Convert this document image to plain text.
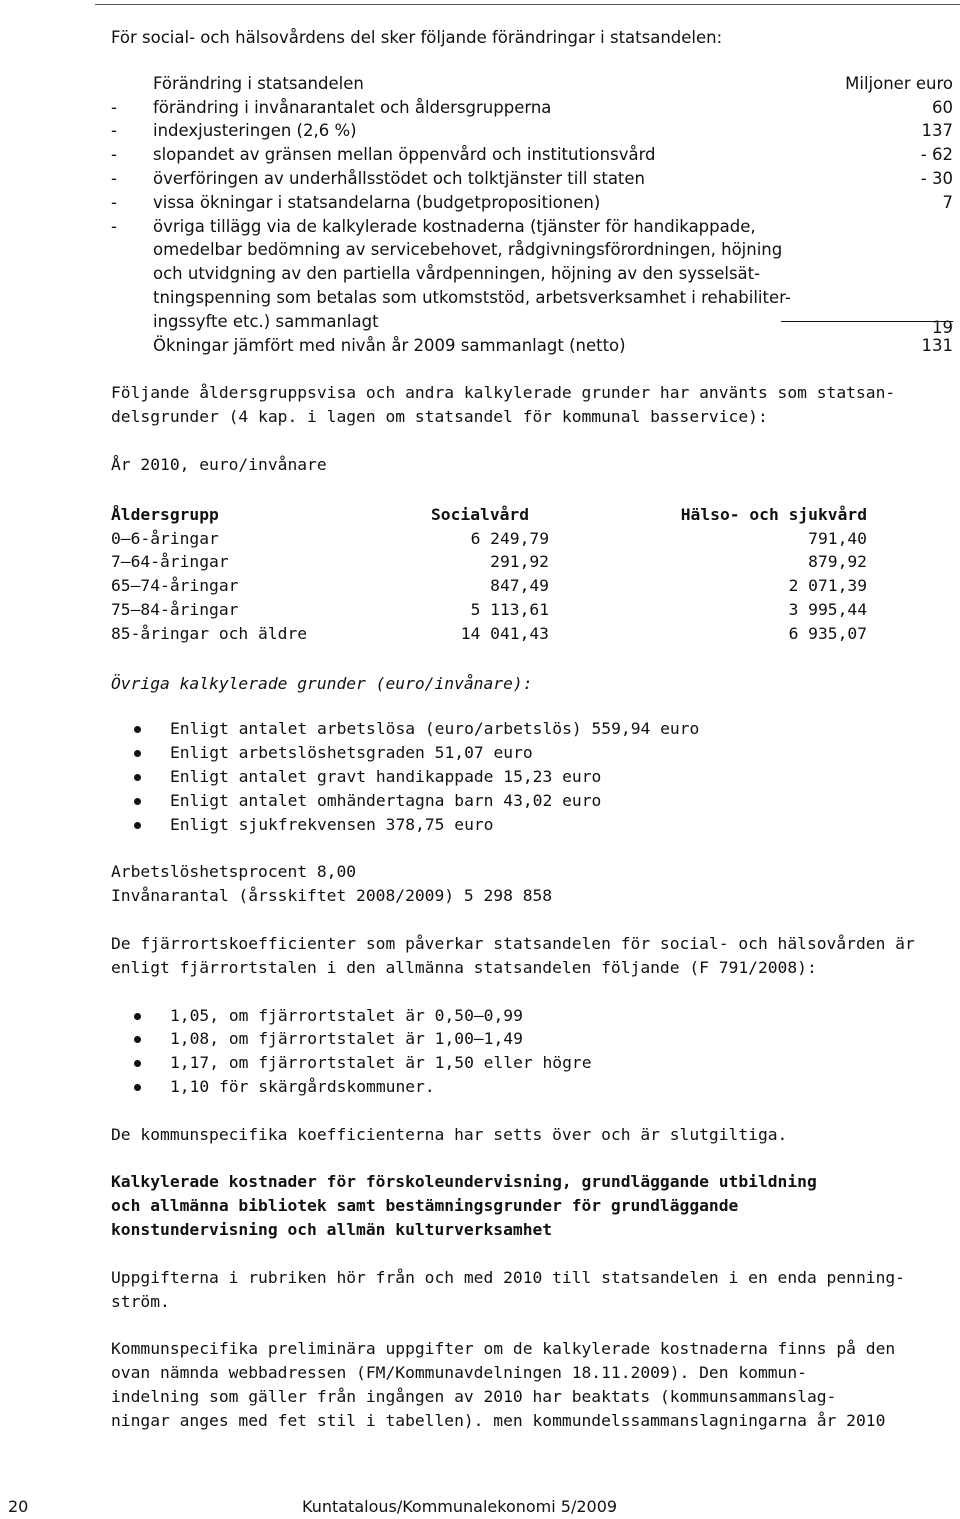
För social- och hälsovårdens del sker följande förändringar i statsandelen:

Förändring i statsandelen	Miljoner euro
-	förändring i invånarantalet och åldersgrupperna	60
-	indexjusteringen (2,6 %)	137
-	slopandet av gränsen mellan öppenvård och institutionsvård	- 62
-	överföringen av underhållsstödet och tolktjänster till staten	- 30
-	vissa ökningar i statsandelarna (budgetpropositionen)	7
-	övriga tillägg via de kalkylerade kostnaderna (tjänster för handikappade,
omedelbar bedömning av servicebehovet, rådgivningsförordningen, höjning
och utvidgning av den partiella vårdpenningen, höjning av den sysselsät-
tningspenning som betalas som utkomststöd, arbetsverksamhet i rehabiliter-
ingssyfte etc.) sammanlagt	19
Ökningar jämfört med nivån år 2009 sammanlagt (netto)	131
Följande åldersgruppsvisa och andra kalkylerade grunder har använts som statsan-
delsgrunder (4 kap. i lagen om statsandel för kommunal basservice):
År 2010, euro/invånare
Åldersgrupp	Socialvård	Hälso- och sjukvård
0—6-åringar	6 249,79	791,40
7—64-åringar	291,92	879,92
65—74-åringar	847,49	2 071,39
75—84-åringar	5 113,61	3 995,44
85-åringar och äldre	14 041,43	6 935,07
Övriga kalkylerade grunder (euro/invånare):
Enligt antalet arbetslösa (euro/arbetslös) 559,94 euro
Enligt arbetslöshetsgraden 51,07 euro
Enligt antalet gravt handikappade 15,23 euro
Enligt antalet omhändertagna barn 43,02 euro
Enligt sjukfrekvensen 378,75 euro
Arbetslöshetsprocent 8,00
Invånarantal (årsskiftet 2008/2009) 5 298 858
De fjärrortskoefficienter som påverkar statsandelen för social- och hälsovården är
enligt fjärrortstalen i den allmänna statsandelen följande (F 791/2008):
1,05, om fjärrortstalet är 0,50—0,99
1,08, om fjärrortstalet är 1,00—1,49
1,17, om fjärrortstalet är 1,50 eller högre
1,10 för skärgårdskommuner.
De kommunspecifika koefficienterna har setts över och är slutgiltiga.
Kalkylerade kostnader för förskoleundervisning, grundläggande utbildning
och allmänna bibliotek samt bestämningsgrunder för grundläggande
konstundervisning och allmän kulturverksamhet
Uppgifterna i rubriken hör från och med 2010 till statsandelen i en enda penning-
ström.
Kommunspecifika preliminära uppgifter om de kalkylerade kostnaderna finns på den
ovan nämnda webbadressen (FM/Kommunavdelningen 18.11.2009). Den kommun-
indelning som gäller från ingången av 2010 har beaktats (kommunsammanslag-
ningar anges med fet stil i tabellen). men kommundelssammanslagningarna år 2010
20	Kuntatalous/Kommunalekonomi 5/2009
